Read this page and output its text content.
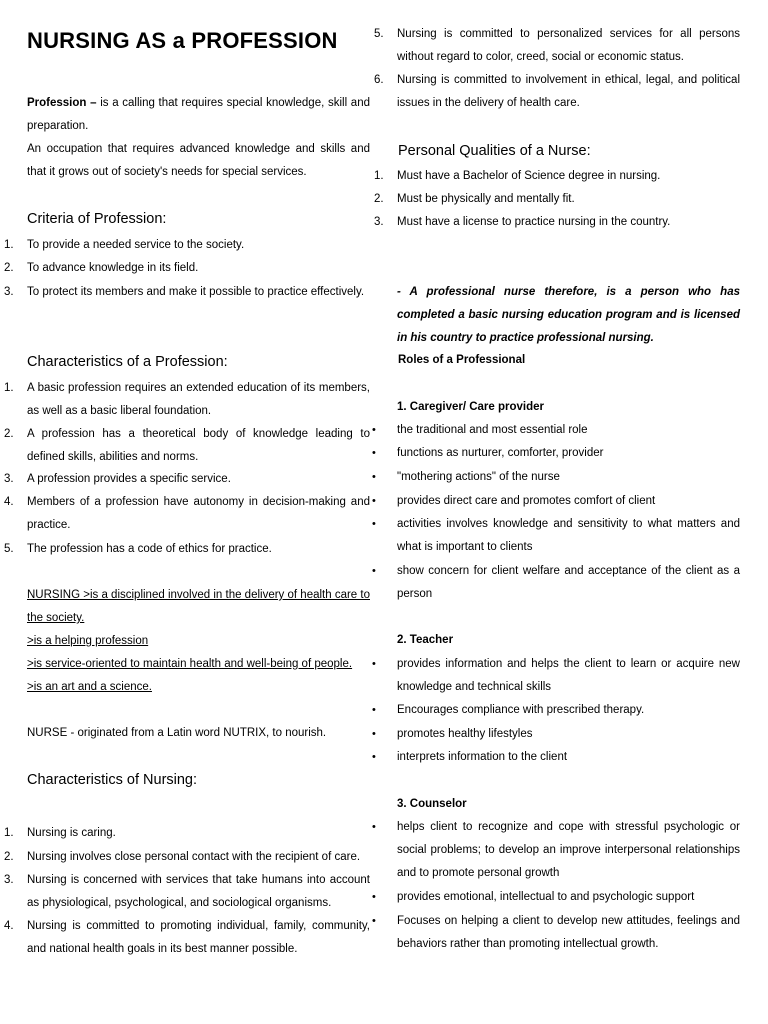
NURSING AS a PROFESSION
Profession – is a calling that requires special knowledge, skill and preparation.
An occupation that requires advanced knowledge and skills and that it grows out of society's needs for special services.
Criteria of Profession:
1. To provide a needed service to the society.
2. To advance knowledge in its field.
3. To protect its members and make it possible to practice effectively.
Characteristics of a Profession:
1. A basic profession requires an extended education of its members, as well as a basic liberal foundation.
2. A profession has a theoretical body of knowledge leading to defined skills, abilities and norms.
3. A profession provides a specific service.
4. Members of a profession have autonomy in decision-making and practice.
5. The profession has a code of ethics for practice.
NURSING >is a disciplined involved in the delivery of health care to the society.
>is a helping profession
>is service-oriented to maintain health and well-being of people.
>is an art and a science.
NURSE - originated from a Latin word NUTRIX, to nourish.
Characteristics of Nursing:
1. Nursing is caring.
2. Nursing involves close personal contact with the recipient of care.
3. Nursing is concerned with services that take humans into account as physiological, psychological, and sociological organisms.
4. Nursing is committed to promoting individual, family, community, and national health goals in its best manner possible.
5. Nursing is committed to personalized services for all persons without regard to color, creed, social or economic status.
6. Nursing is committed to involvement in ethical, legal, and political issues in the delivery of health care.
Personal Qualities of a Nurse:
1. Must have a Bachelor of Science degree in nursing.
2. Must be physically and mentally fit.
3. Must have a license to practice nursing in the country.
- A professional nurse therefore, is a person who has completed a basic nursing education program and is licensed in his country to practice professional nursing.
Roles of a Professional
1. Caregiver/ Care provider
• the traditional and most essential role
• functions as nurturer, comforter, provider
• "mothering actions" of the nurse
• provides direct care and promotes comfort of client
• activities involves knowledge and sensitivity to what matters and what is important to clients
• show concern for client welfare and acceptance of the client as a person
2. Teacher
• provides information and helps the client to learn or acquire new knowledge and technical skills
• Encourages compliance with prescribed therapy.
• promotes healthy lifestyles
• interprets information to the client
3. Counselor
• helps client to recognize and cope with stressful psychologic or social problems; to develop an improve interpersonal relationships and to promote personal growth
• provides emotional, intellectual to and psychologic support
• Focuses on helping a client to develop new attitudes, feelings and behaviors rather than promoting intellectual growth.
